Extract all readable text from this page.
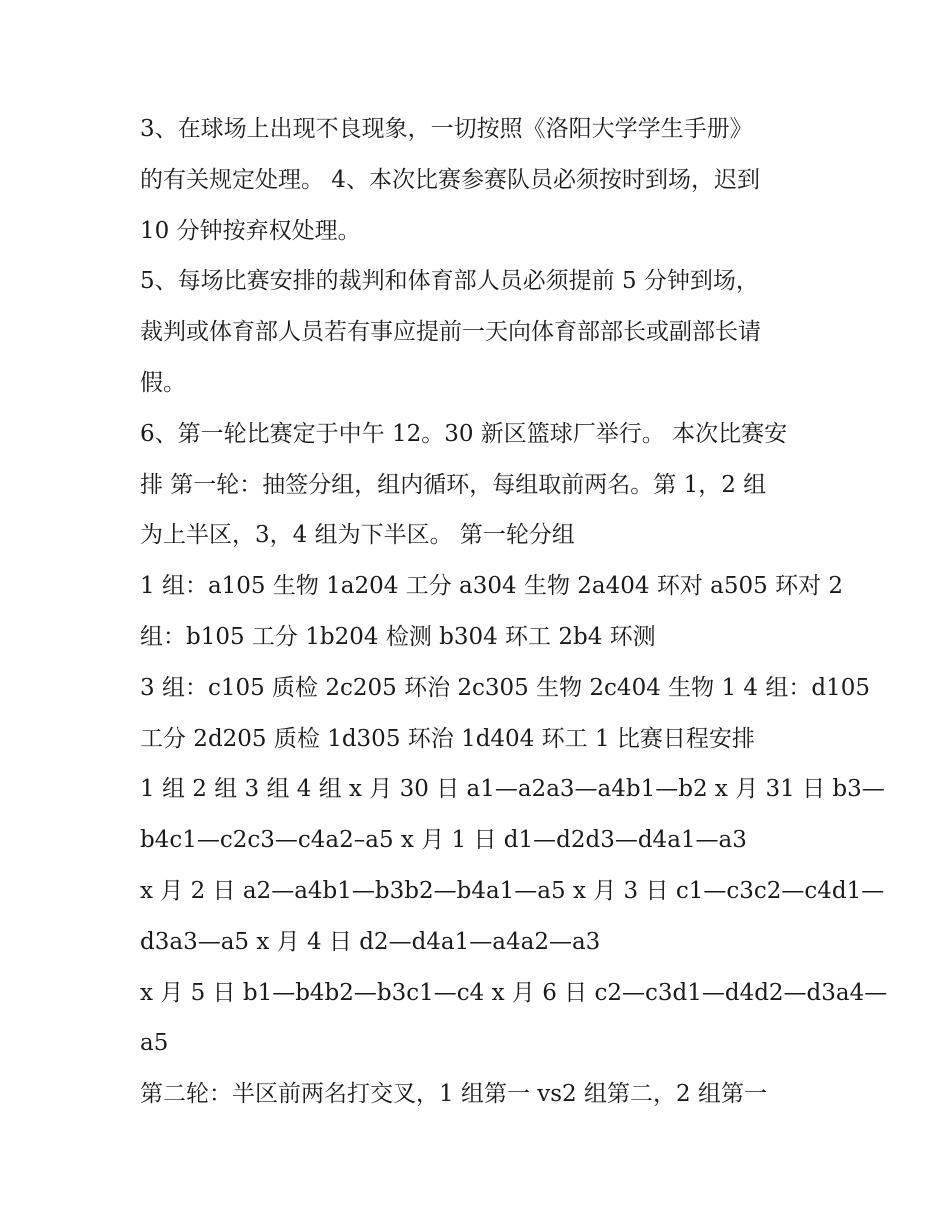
3、在球场上出现不良现象，一切按照《洛阳大学学生手册》
的有关规定处理。 4、本次比赛参赛队员必须按时到场，迟到
10 分钟按弃权处理。
5、每场比赛安排的裁判和体育部人员必须提前 5 分钟到场，
裁判或体育部人员若有事应提前一天向体育部部长或副部长请
假。
6、第一轮比赛定于中午 12。30 新区篮球厂举行。 本次比赛安
排 第一轮：抽签分组，组内循环，每组取前两名。第 1，2 组
为上半区，3，4 组为下半区。 第一轮分组
1 组：a105 生物 1a204 工分 a304 生物 2a404 环对 a505 环对 2
组：b105 工分 1b204 检测 b304 环工 2b4 环测
3 组：c105 质检 2c205 环治 2c305 生物 2c404 生物 1 4 组：d105
工分 2d205 质检 1d305 环治 1d404 环工 1 比赛日程安排
1 组 2 组 3 组 4 组 x 月 30 日 a1—a2a3—a4b1—b2 x 月 31 日 b3—
b4c1—c2c3—c4a2–a5 x 月 1 日 d1—d2d3—d4a1—a3
x 月 2 日 a2—a4b1—b3b2—b4a1—a5 x 月 3 日 c1—c3c2—c4d1—
d3a3—a5 x 月 4 日 d2—d4a1—a4a2—a3
x 月 5 日 b1—b4b2—b3c1—c4 x 月 6 日 c2—c3d1—d4d2—d3a4—
a5
第二轮：半区前两名打交叉，1 组第一 vs2 组第二，2 组第一
